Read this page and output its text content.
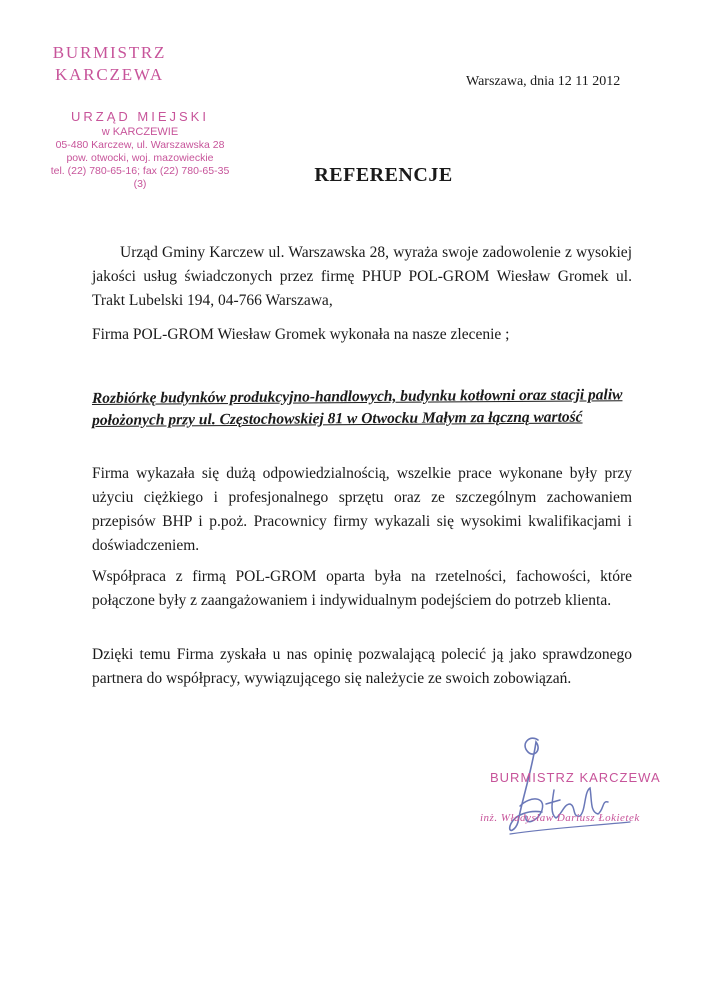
BURMISTRZ
KARCZEWA
URZĄD MIEJSKI
w KARCZEWIE
05-480 Karczew, ul. Warszawska 28
pow. otwocki, woj. mazowieckie
tel. (22) 780-65-16; fax (22) 780-65-35
(3)
Warszawa, dnia 12 11 2012
REFERENCJE

Urząd Gminy Karczew ul. Warszawska 28, wyraża swoje zadowolenie z wysokiej jakości usług świadczonych przez firmę PHUP POL-GROM Wiesław Gromek ul. Trakt Lubelski 194, 04-766 Warszawa,

Firma POL-GROM Wiesław Gromek wykonała na nasze zlecenie ;

Rozbiórkę budynków produkcyjno-handlowych, budynku kotłowni oraz stacji paliw położonych przy ul. Częstochowskiej 81 w Otwocku Małym za łączną wartość

Firma wykazała się dużą odpowiedzialnością, wszelkie prace wykonane były przy użyciu ciężkiego i profesjonalnego sprzętu oraz ze szczególnym zachowaniem przepisów BHP i p.poż. Pracownicy firmy wykazali się wysokimi kwalifikacjami i doświadczeniem.

Współpraca z firmą POL-GROM oparta była na rzetelności, fachowości, które połączone były z zaangażowaniem i indywidualnym podejściem do potrzeb klienta.

Dzięki temu Firma zyskała u nas opinię pozwalającą polecić ją jako sprawdzonego partnera do współpracy, wywiązującego się należycie ze swoich zobowiązań.

BURMISTRZ KARCZEWA
inż. Władysław Dariusz Łokietek
